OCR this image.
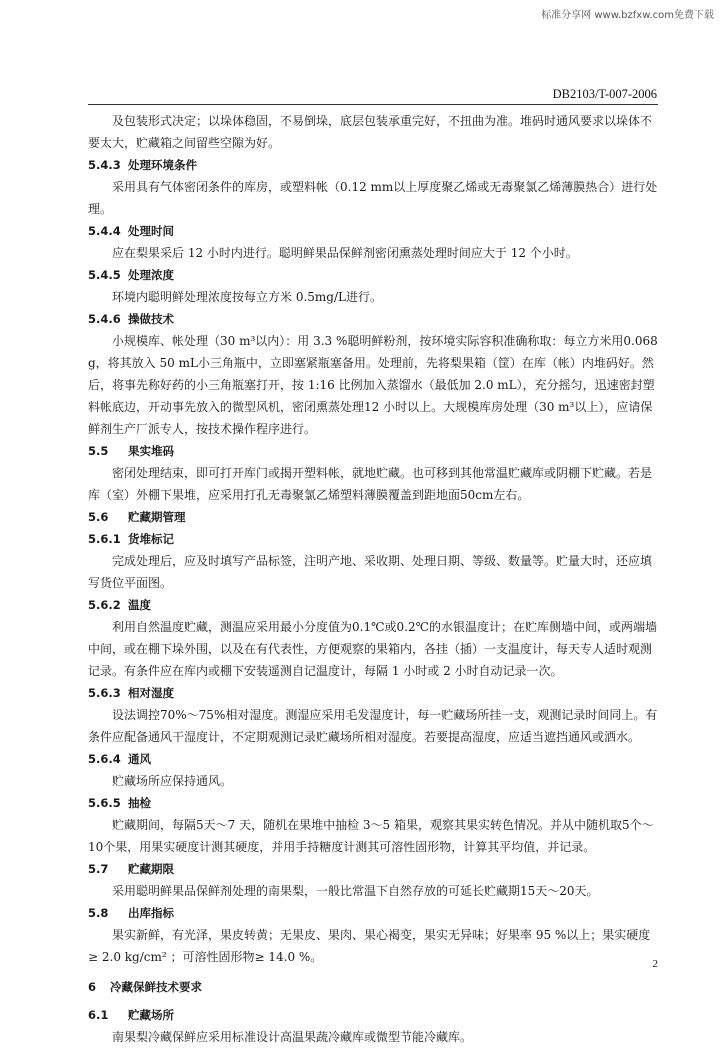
标准分享网 www.bzfxw.com免费下载
DB2103/T-007-2006
及包装形式决定；以垛体稳固，不易倒垛，底层包装承重完好，不扭曲为准。堆码时通风要求以垛体不要太大，贮藏箱之间留些空隙为好。
5.4.3 处理环境条件
采用具有气体密闭条件的库房，或塑料帐（0.12 mm以上厚度聚乙烯或无毒聚氯乙烯薄膜热合）进行处理。
5.4.4 处理时间
应在梨果采后 12 小时内进行。聪明鲜果品保鲜剂密闭熏蒸处理时间应大于 12 个小时。
5.4.5 处理浓度
环境内聪明鲜处理浓度按每立方米 0.5mg/L进行。
5.4.6 操做技术
小规模库、帐处理（30 m³以内）：用 3.3 %聪明鲜粉剂，按环境实际容积准确称取：每立方米用0.068 g，将其放入 50 mL小三角瓶中，立即塞紧瓶塞备用。处理前，先将梨果箱（筐）在库（帐）内堆码好。然后，将事先称好药的小三角瓶塞打开，按 1:16 比例加入蒸馏水（最低加 2.0 mL），充分摇匀，迅速密封塑料帐底边，开动事先放入的微型风机，密闭熏蒸处理12 小时以上。大规模库房处理（30 m³以上），应请保鲜剂生产厂派专人，按技术操作程序进行。
5.5 果实堆码
密闭处理结束，即可打开库门或揭开塑料帐，就地贮藏。也可移到其他常温贮藏库或阴棚下贮藏。若是库（室）外棚下果堆，应采用打孔无毒聚氯乙烯塑料薄膜覆盖到距地面50cm左右。
5.6 贮藏期管理
5.6.1 货堆标记
完成处理后，应及时填写产品标签，注明产地、采收期、处理日期、等级、数量等。贮量大时，还应填写货位平面图。
5.6.2 温度
利用自然温度贮藏，测温应采用最小分度值为0.1℃或0.2℃的水银温度计；在贮库侧墙中间，或两端墙中间，或在棚下垛外围，以及在有代表性，方便观察的果箱内，各挂（插）一支温度计，每天专人适时观测记录。有条件应在库内或棚下安装遥测自记温度计，每隔 1 小时或 2 小时自动记录一次。
5.6.3 相对湿度
设法调控70%～75%相对湿度。测湿应采用毛发湿度计，每一贮藏场所挂一支，观测记录时间同上。有条件应配备通风干湿度计，不定期观测记录贮藏场所相对湿度。若要提高湿度，应适当遮挡通风或洒水。
5.6.4 通风
贮藏场所应保持通风。
5.6.5 抽检
贮藏期间，每隔5天～7 天，随机在果堆中抽检 3～5 箱果，观察其果实转色情况。并从中随机取5个～10个果，用果实硬度计测其硬度，并用手持糖度计测其可溶性固形物，计算其平均值，并记录。
5.7 贮藏期限
采用聪明鲜果品保鲜剂处理的南果梨，一般比常温下自然存放的可延长贮藏期15天～20天。
5.8 出库指标
果实新鲜，有光泽，果皮转黄；无果皮、果肉、果心褐变，果实无异味；好果率 95 %以上；果实硬度≥ 2.0 kg/cm² ；可溶性固形物≥ 14.0 %。
6 冷藏保鲜技术要求
6.1 贮藏场所
南果梨冷藏保鲜应采用标准设计高温果蔬冷藏库或微型节能冷藏库。
2
